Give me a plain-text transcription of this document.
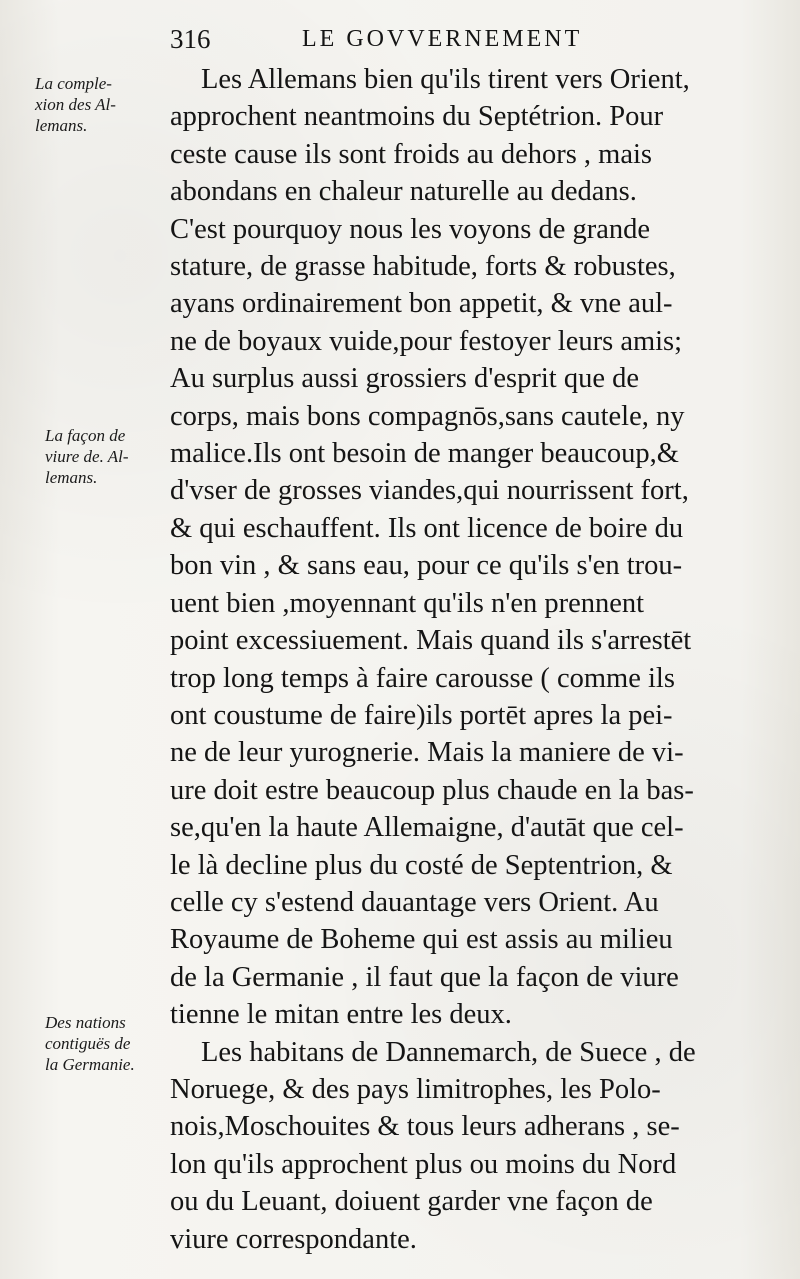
316	LE GOVVERNEMENT
La comple-
xion des Al-
lemans.
La façon de
viure de. Al-
lemans.
Des nations
contiguës de
la Germanie.
Les Allemans bien qu'ils tirent vers Orient,
approchent neantmoins du Septétrion. Pour
ceste cause ils sont froids au dehors , mais
abondans en chaleur naturelle au dedans.
C'est pourquoy nous les voyons de grande
stature, de grasse habitude, forts & robustes,
ayans ordinairement bon appetit, & vne aul-
ne de boyaux vuide,pour festoyer leurs amis;
Au surplus aussi grossiers d'esprit que de
corps, mais bons compagnōs,sans cautele, ny
malice.Ils ont besoin de manger beaucoup,&
d'vser de grosses viandes,qui nourrissent fort,
& qui eschauffent. Ils ont licence de boire du
bon vin , & sans eau, pour ce qu'ils s'en trou-
uent bien ,moyennant qu'ils n'en prennent
point excessiuement. Mais quand ils s'arrestēt
trop long temps à faire carousse ( comme ils
ont coustume de faire)ils portēt apres la pei-
ne de leur yurognerie. Mais la maniere de vi-
ure doit estre beaucoup plus chaude en la bas-
se,qu'en la haute Allemaigne, d'autāt que cel-
le là decline plus du costé de Septentrion, &
celle cy s'estend dauantage vers Orient. Au
Royaume de Boheme qui est assis au milieu
de la Germanie , il faut que la façon de viure
tienne le mitan entre les deux.
Les habitans de Dannemarch, de Suece , de
Noruege, & des pays limitrophes, les Polo-
nois,Moschouites & tous leurs adherans , se-
lon qu'ils approchent plus ou moins du Nord
ou du Leuant, doiuent garder vne façon de
viure correspondante.
